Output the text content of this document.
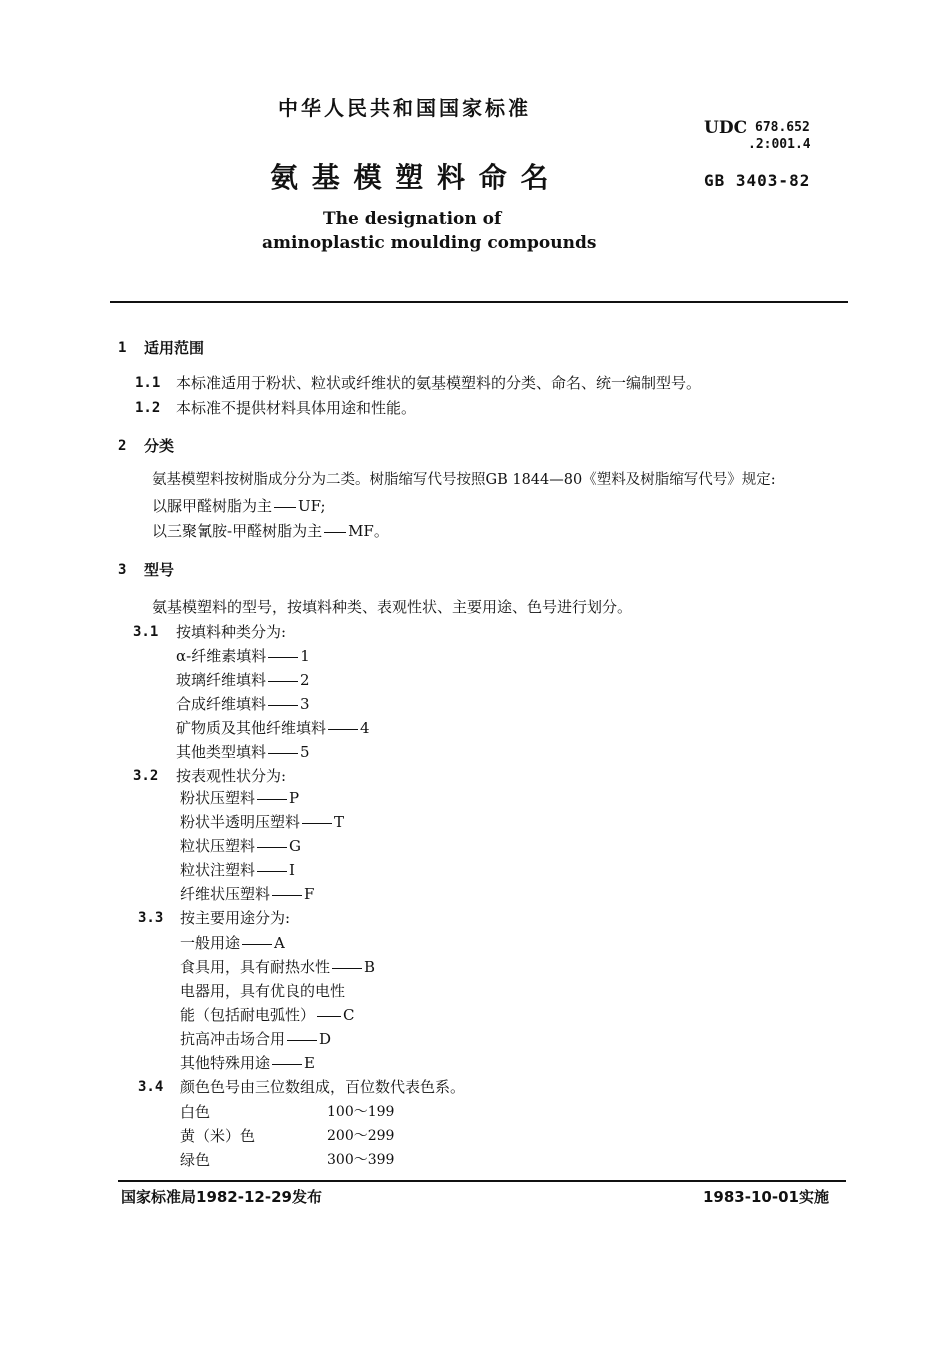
中华人民共和国国家标准
UDC 678.652
.2:001.4
氨 基 模 塑 料 命 名	GB 3403-82
The designation of
aminoplastic moulding compounds
1 适用范围
1.1 本标准适用于粉状、粒状或纤维状的氨基模塑料的分类、命名、统一编制型号。
1.2 本标准不提供材料具体用途和性能。
2 分类
氨基模塑料按树脂成分分为二类。树脂缩写代号按照GB 1844—80《塑料及树脂缩写代号》规定:
以脲甲醛树脂为主 UF;
以三聚氰胺-甲醛树脂为主 MF。
3 型号
氨基模塑料的型号，按填料种类、表观性状、主要用途、色号进行划分。
3.1 按填料种类分为:
α-纤维素填料 1
玻璃纤维填料 2
合成纤维填料 3
矿物质及其他纤维填料 4
其他类型填料 5
3.2 按表观性状分为:
粉状压塑料 P
粉状半透明压塑料 T
粒状压塑料 G
粒状注塑料 I
纤维状压塑料 F
3.3 按主要用途分为:
一般用途 A
食具用，具有耐热水性 B
电器用，具有优良的电性
能（包括耐电弧性） C
抗高冲击场合用 D
其他特殊用途 E
3.4 颜色色号由三位数组成，百位数代表色系。
白色	100～199
黄（米）色	200～299
绿色	300～399
国家标准局1982-12-29发布	1983-10-01实施
